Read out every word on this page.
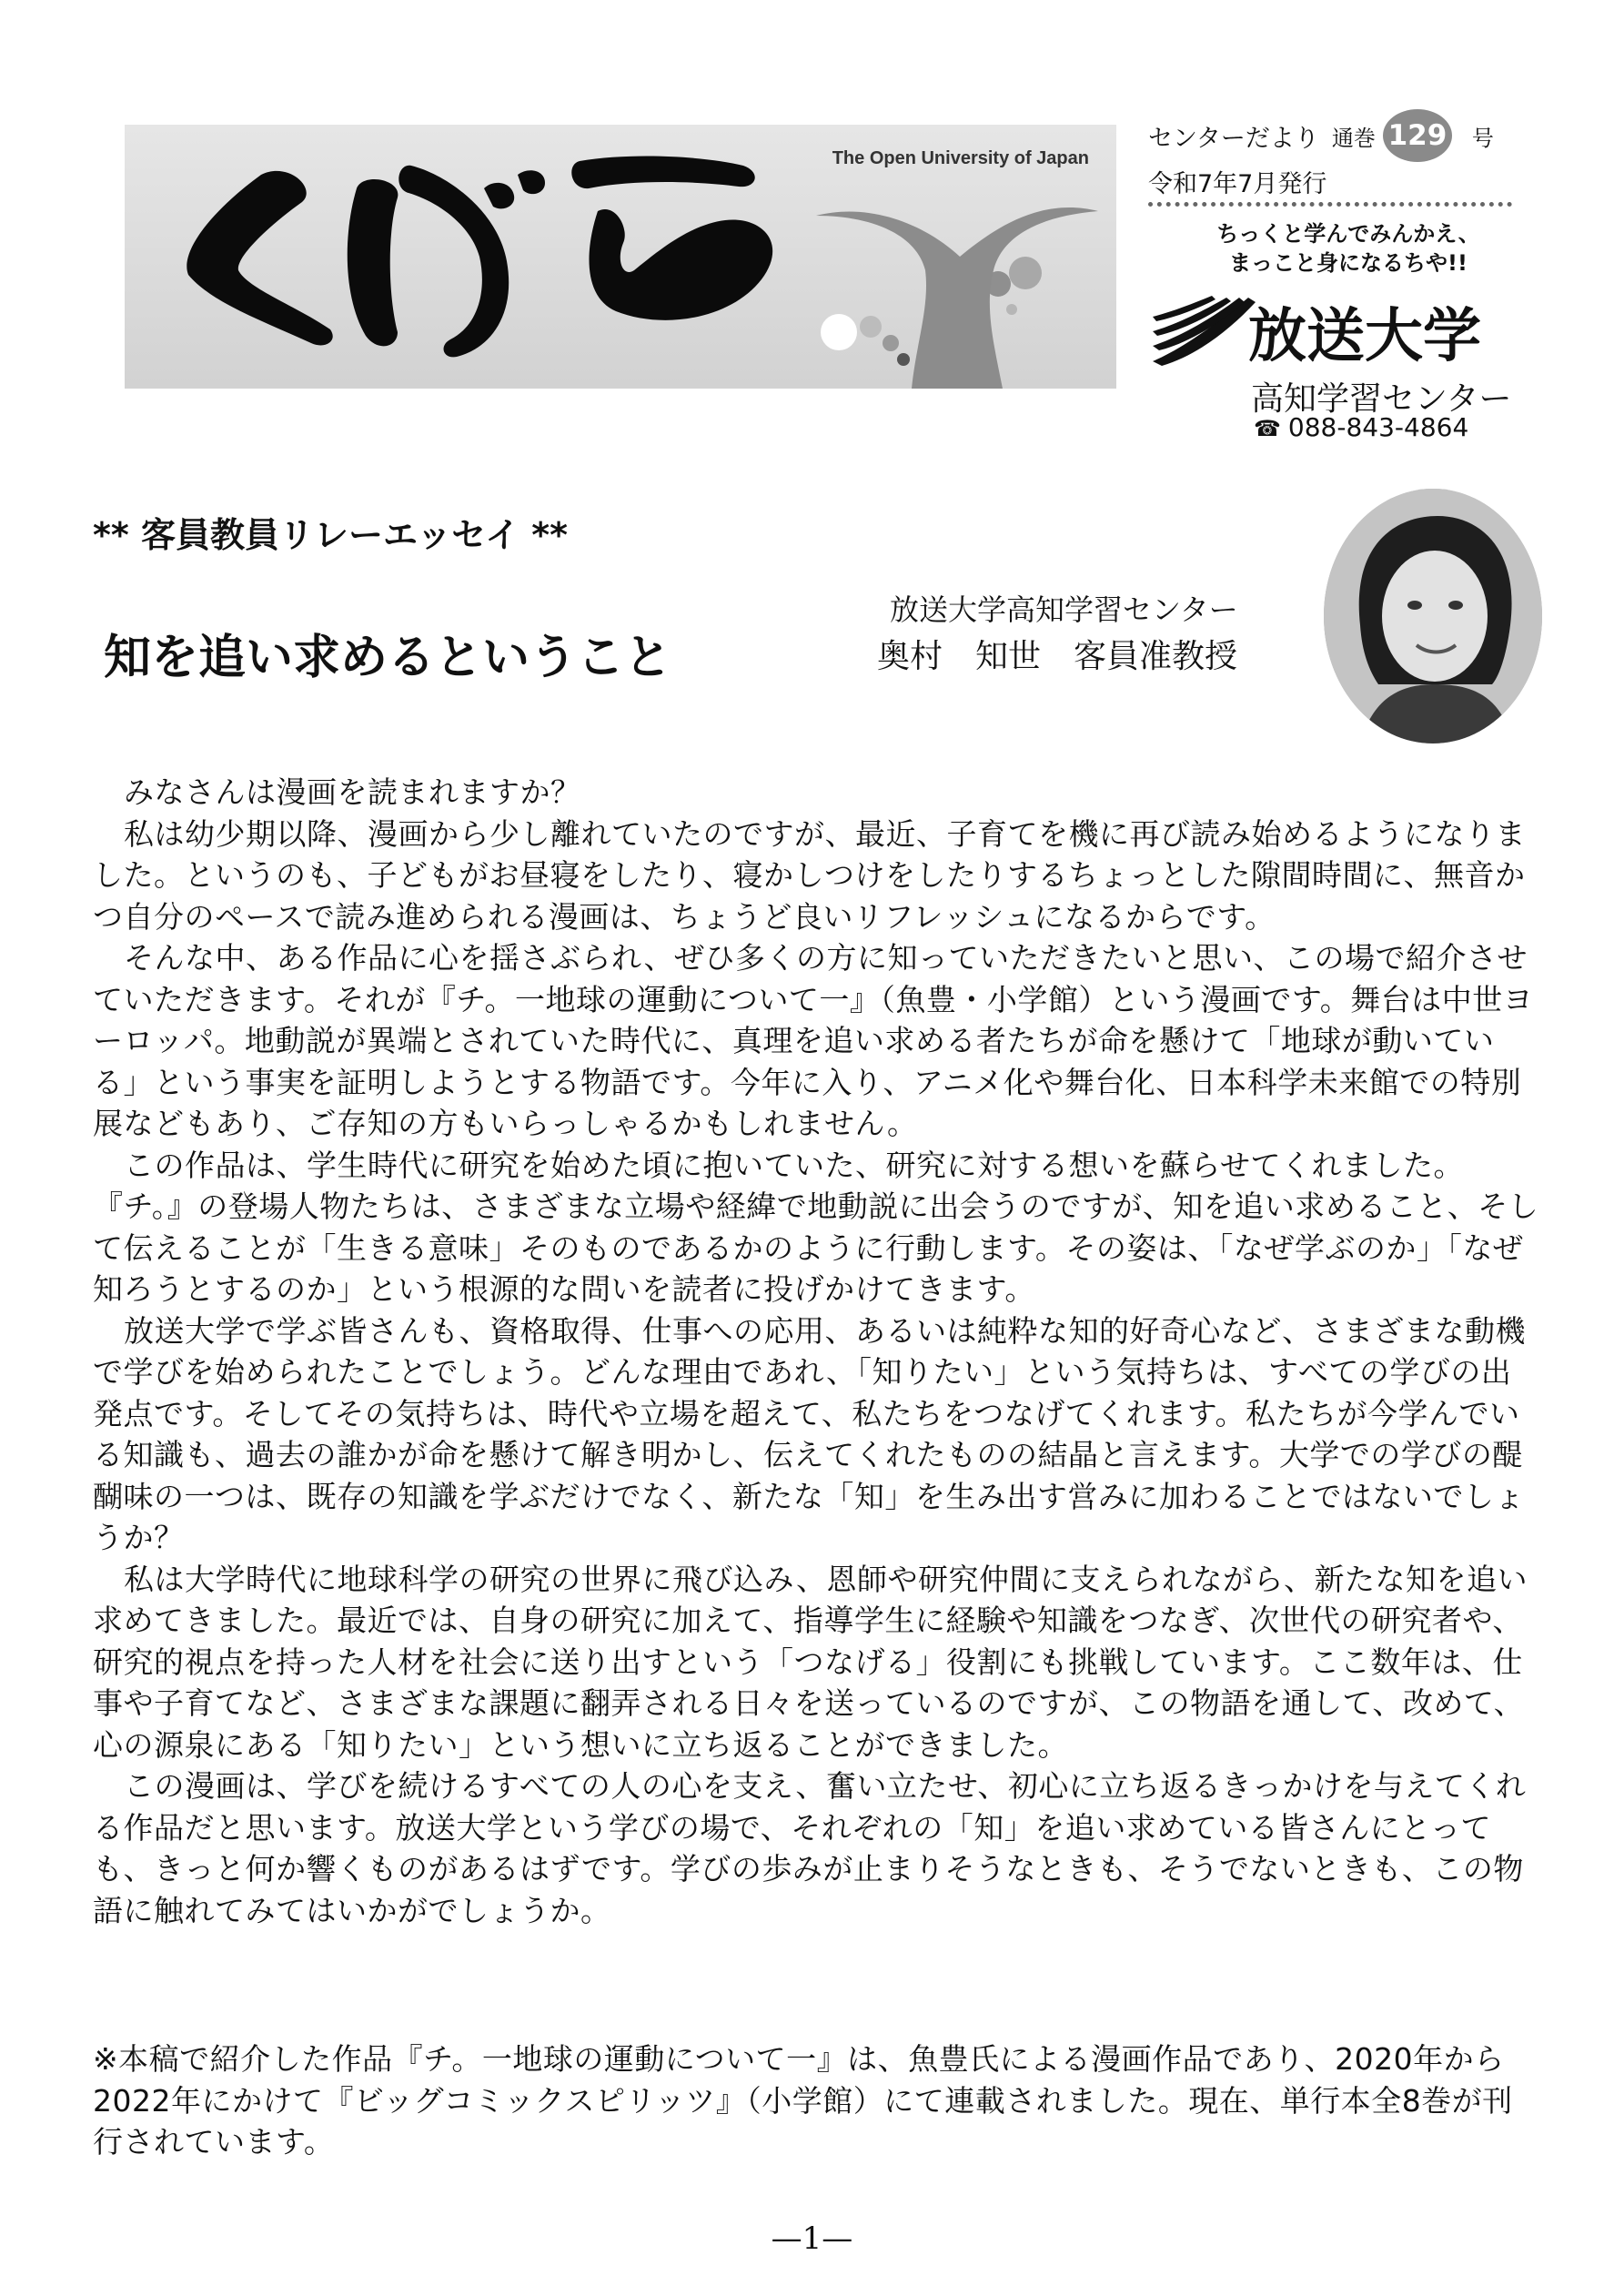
The Open University of Japan
センターだより 通巻 129 号
令和7年7月発行
ちっくと学んでみんかえ、
まっこと身になるちや!!
放送大学
高知学習センター
☎ 088-843-4864
** 客員教員リレーエッセイ **
知を追い求めるということ
放送大学高知学習センター
奥村　知世　客員准教授

みなさんは漫画を読まれますか？

私は幼少期以降、漫画から少し離れていたのですが、最近、子育てを機に再び読み始めるようになりました。というのも、子どもがお昼寝をしたり、寝かしつけをしたりするちょっとした隙間時間に、無音かつ自分のペースで読み進められる漫画は、ちょうど良いリフレッシュになるからです。

そんな中、ある作品に心を揺さぶられ、ぜひ多くの方に知っていただきたいと思い、この場で紹介させていただきます。それが『チ。一地球の運動について一』（魚豊・小学館）という漫画です。舞台は中世ヨーロッパ。地動説が異端とされていた時代に、真理を追い求める者たちが命を懸けて「地球が動いている」という事実を証明しようとする物語です。今年に入り、アニメ化や舞台化、日本科学未来館での特別展などもあり、ご存知の方もいらっしゃるかもしれません。

この作品は、学生時代に研究を始めた頃に抱いていた、研究に対する想いを蘇らせてくれました。

『チ。』の登場人物たちは、さまざまな立場や経緯で地動説に出会うのですが、知を追い求めること、そして伝えることが「生きる意味」そのものであるかのように行動します。その姿は、「なぜ学ぶのか」「なぜ知ろうとするのか」という根源的な問いを読者に投げかけてきます。

放送大学で学ぶ皆さんも、資格取得、仕事への応用、あるいは純粋な知的好奇心など、さまざまな動機で学びを始められたことでしょう。どんな理由であれ、「知りたい」という気持ちは、すべての学びの出発点です。そしてその気持ちは、時代や立場を超えて、私たちをつなげてくれます。私たちが今学んでいる知識も、過去の誰かが命を懸けて解き明かし、伝えてくれたものの結晶と言えます。大学での学びの醍醐味の一つは、既存の知識を学ぶだけでなく、新たな「知」を生み出す営みに加わることではないでしょうか？

私は大学時代に地球科学の研究の世界に飛び込み、恩師や研究仲間に支えられながら、新たな知を追い求めてきました。最近では、自身の研究に加えて、指導学生に経験や知識をつなぎ、次世代の研究者や、研究的視点を持った人材を社会に送り出すという「つなげる」役割にも挑戦しています。ここ数年は、仕事や子育てなど、さまざまな課題に翻弄される日々を送っているのですが、この物語を通して、改めて、心の源泉にある「知りたい」という想いに立ち返ることができました。

この漫画は、学びを続けるすべての人の心を支え、奮い立たせ、初心に立ち返るきっかけを与えてくれる作品だと思います。放送大学という学びの場で、それぞれの「知」を追い求めている皆さんにとっても、きっと何か響くものがあるはずです。学びの歩みが止まりそうなときも、そうでないときも、この物語に触れてみてはいかがでしょうか。

※本稿で紹介した作品『チ。一地球の運動について一』は、魚豊氏による漫画作品であり、2020年から2022年にかけて『ビッグコミックスピリッツ』（小学館）にて連載されました。現在、単行本全8巻が刊行されています。
—1—
